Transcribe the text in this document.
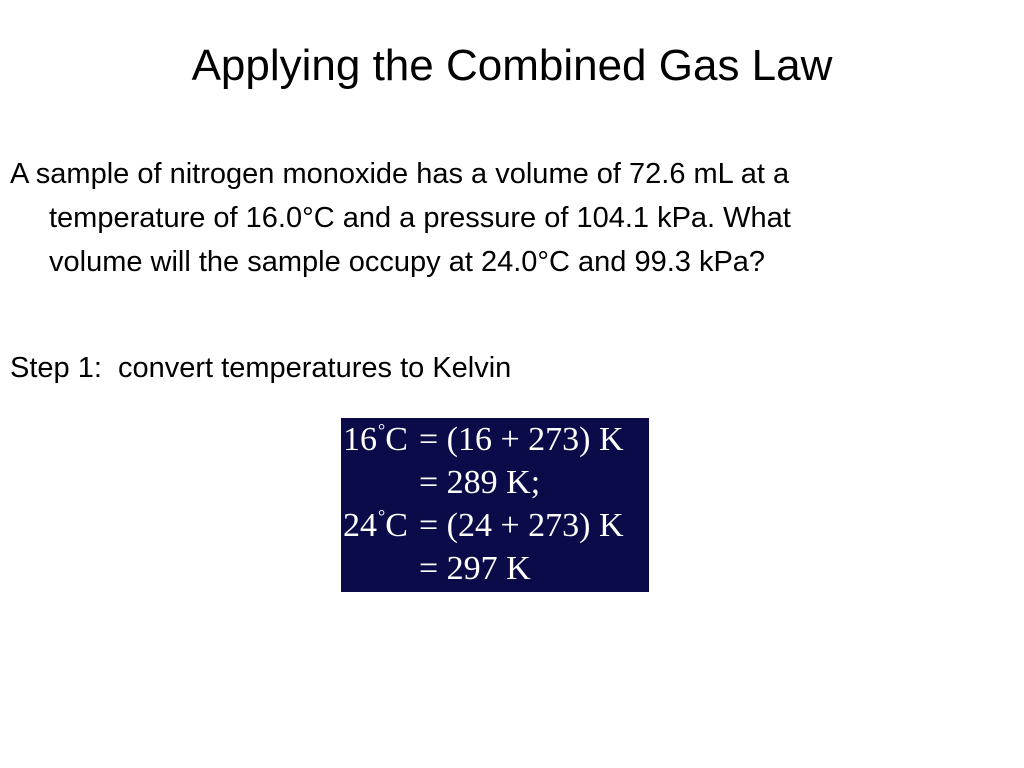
Applying the Combined Gas Law
A sample of nitrogen monoxide has a volume of 72.6 mL at a
temperature of 16.0°C and a pressure of 104.1 kPa. What
volume will the sample occupy at 24.0°C and 99.3 kPa?
Step 1:  convert temperatures to Kelvin
16°C = (16 + 273) K
= 289 K;
24°C = (24 + 273) K
= 297 K
